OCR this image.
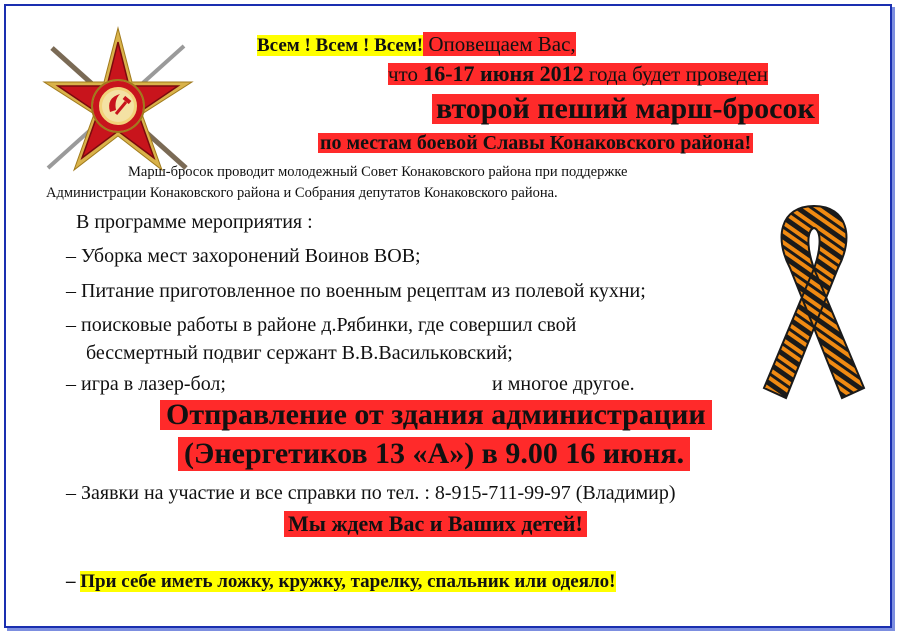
Всем ! Всем ! Всем! Оповещаем Вас,
что 16-17 июня 2012 года будет проведен
второй пеший марш-бросок
по местам боевой Славы Конаковского района!
Марш-бросок проводит молодежный Совет Конаковского района при поддержке
Администрации Конаковского района и Собрания депутатов Конаковского района.
В программе мероприятия :
– Уборка мест захоронений Воинов ВОВ;
– Питание приготовленное по военным рецептам из полевой кухни;
– поисковые работы в районе д.Рябинки, где совершил свой
бессмертный подвиг сержант В.В.Васильковский;
– игра в лазер-бол;	и многое другое.
Отправление от здания администрации
(Энергетиков 13 «А») в 9.00 16 июня.
– Заявки на участие и все справки по тел. : 8-915-711-99-97 (Владимир)
Мы ждем Вас и Ваших детей!
– При себе иметь ложку, кружку, тарелку, спальник или одеяло!
